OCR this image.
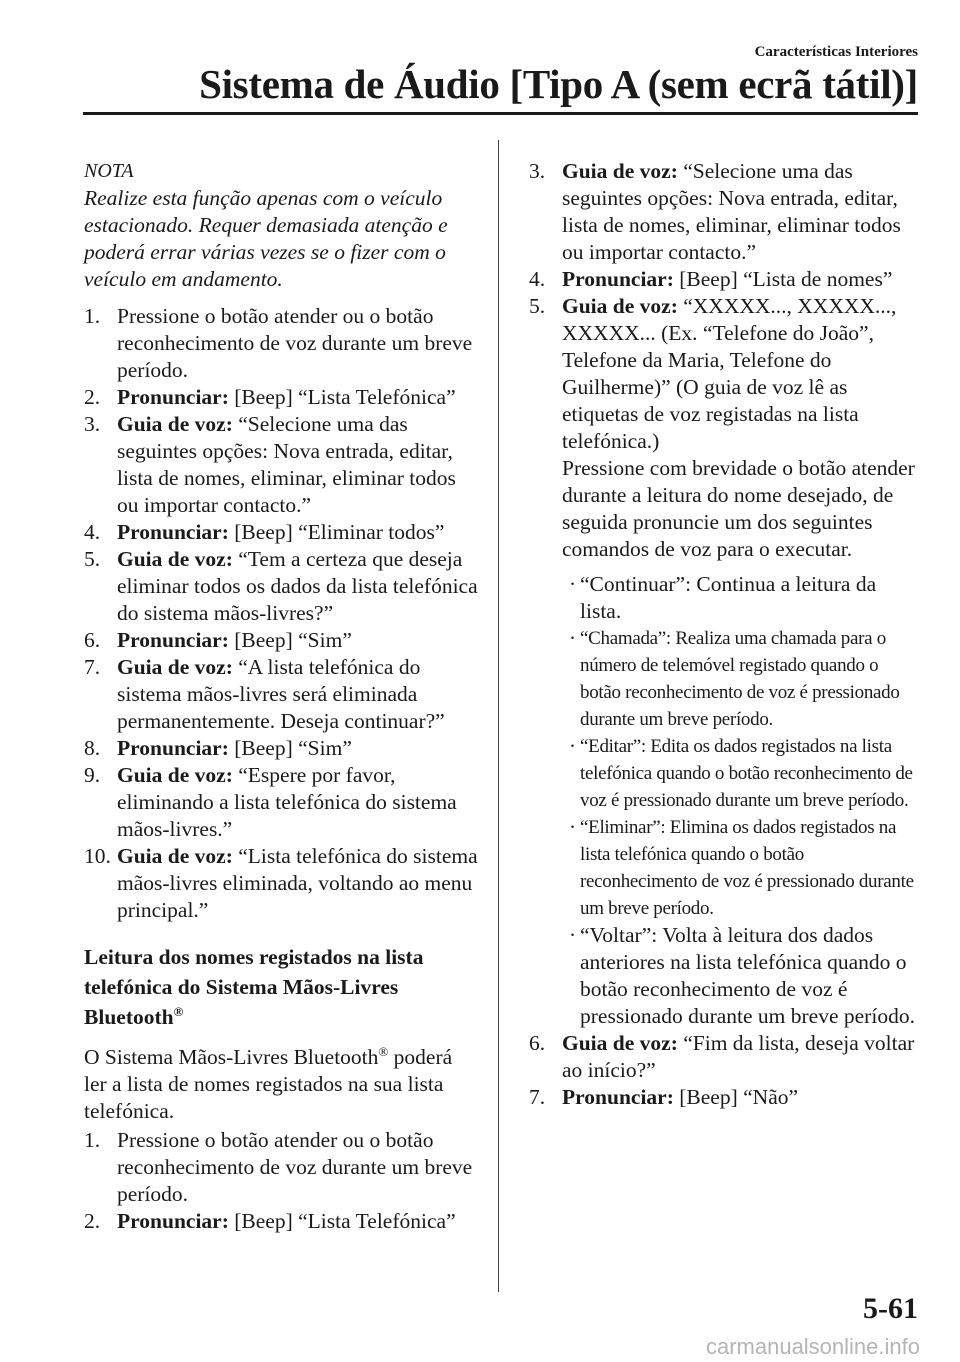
Características Interiores
Sistema de Áudio [Tipo A (sem ecrã tátil)]

NOTA

Realize esta função apenas com o veículo estacionado. Requer demasiada atenção e poderá errar várias vezes se o fizer com o veículo em andamento.

1. Pressione o botão atender ou o botão reconhecimento de voz durante um breve período.
2. Pronunciar: [Beep] “Lista Telefónica”
3. Guia de voz: “Selecione uma das seguintes opções: Nova entrada, editar, lista de nomes, eliminar, eliminar todos ou importar contacto.”
4. Pronunciar: [Beep] “Eliminar todos”
5. Guia de voz: “Tem a certeza que deseja eliminar todos os dados da lista telefónica do sistema mãos-livres?”
6. Pronunciar: [Beep] “Sim”
7. Guia de voz: “A lista telefónica do sistema mãos-livres será eliminada permanentemente. Deseja continuar?”
8. Pronunciar: [Beep] “Sim”
9. Guia de voz: “Espere por favor, eliminando a lista telefónica do sistema mãos-livres.”
10. Guia de voz: “Lista telefónica do sistema mãos-livres eliminada, voltando ao menu principal.”
Leitura dos nomes registados na lista
telefónica do Sistema Mãos-Livres
Bluetooth®

O Sistema Mãos-Livres Bluetooth® poderá ler a lista de nomes registados na sua lista telefónica.

1. Pressione o botão atender ou o botão reconhecimento de voz durante um breve período.
2. Pronunciar: [Beep] “Lista Telefónica”
3. Guia de voz: “Selecione uma das seguintes opções: Nova entrada, editar, lista de nomes, eliminar, eliminar todos ou importar contacto.”
4. Pronunciar: [Beep] “Lista de nomes”
5. Guia de voz: “XXXXX..., XXXXX..., XXXXX... (Ex. “Telefone do João”, Telefone da Maria, Telefone do Guilherme)” (O guia de voz lê as etiquetas de voz registadas na lista telefónica.)
Pressione com brevidade o botão atender durante a leitura do nome desejado, de seguida pronuncie um dos seguintes comandos de voz para o executar.
· “Continuar”: Continua a leitura da lista.
· “Chamada”: Realiza uma chamada para o número de telemóvel registado quando o botão reconhecimento de voz é pressionado durante um breve período.
· “Editar”: Edita os dados registados na lista telefónica quando o botão reconhecimento de voz é pressionado durante um breve período.
· “Eliminar”: Elimina os dados registados na lista telefónica quando o botão reconhecimento de voz é pressionado durante um breve período.
· “Voltar”: Volta à leitura dos dados anteriores na lista telefónica quando o botão reconhecimento de voz é pressionado durante um breve período.
6. Guia de voz: “Fim da lista, deseja voltar ao início?”
7. Pronunciar: [Beep] “Não”
5-61
carmanualsonline.info
